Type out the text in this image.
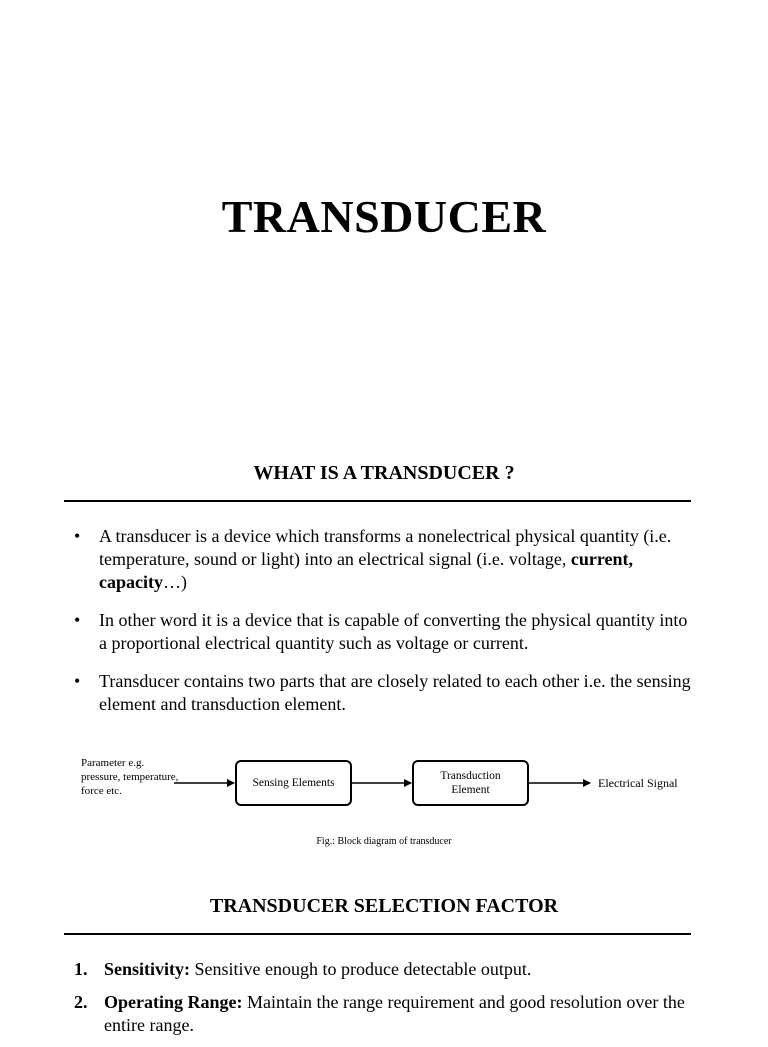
TRANSDUCER
WHAT IS A TRANSDUCER ?
• A transducer is a device which transforms a nonelectrical physical quantity (i.e. temperature, sound or light) into an electrical signal (i.e. voltage, current, capacity…)
• In other word it is a device that is capable of converting the physical quantity into a proportional electrical quantity such as voltage or current.
• Transducer contains two parts that are closely related to each other i.e. the sensing element and transduction element.
Parameter e.g. pressure, temperature, force etc.
Sensing Elements
Transduction Element	Electrical Signal
Fig.: Block diagram of transducer
TRANSDUCER SELECTION FACTOR
1. Sensitivity: Sensitive enough to produce detectable output.
2. Operating Range: Maintain the range requirement and good resolution over the entire range.
